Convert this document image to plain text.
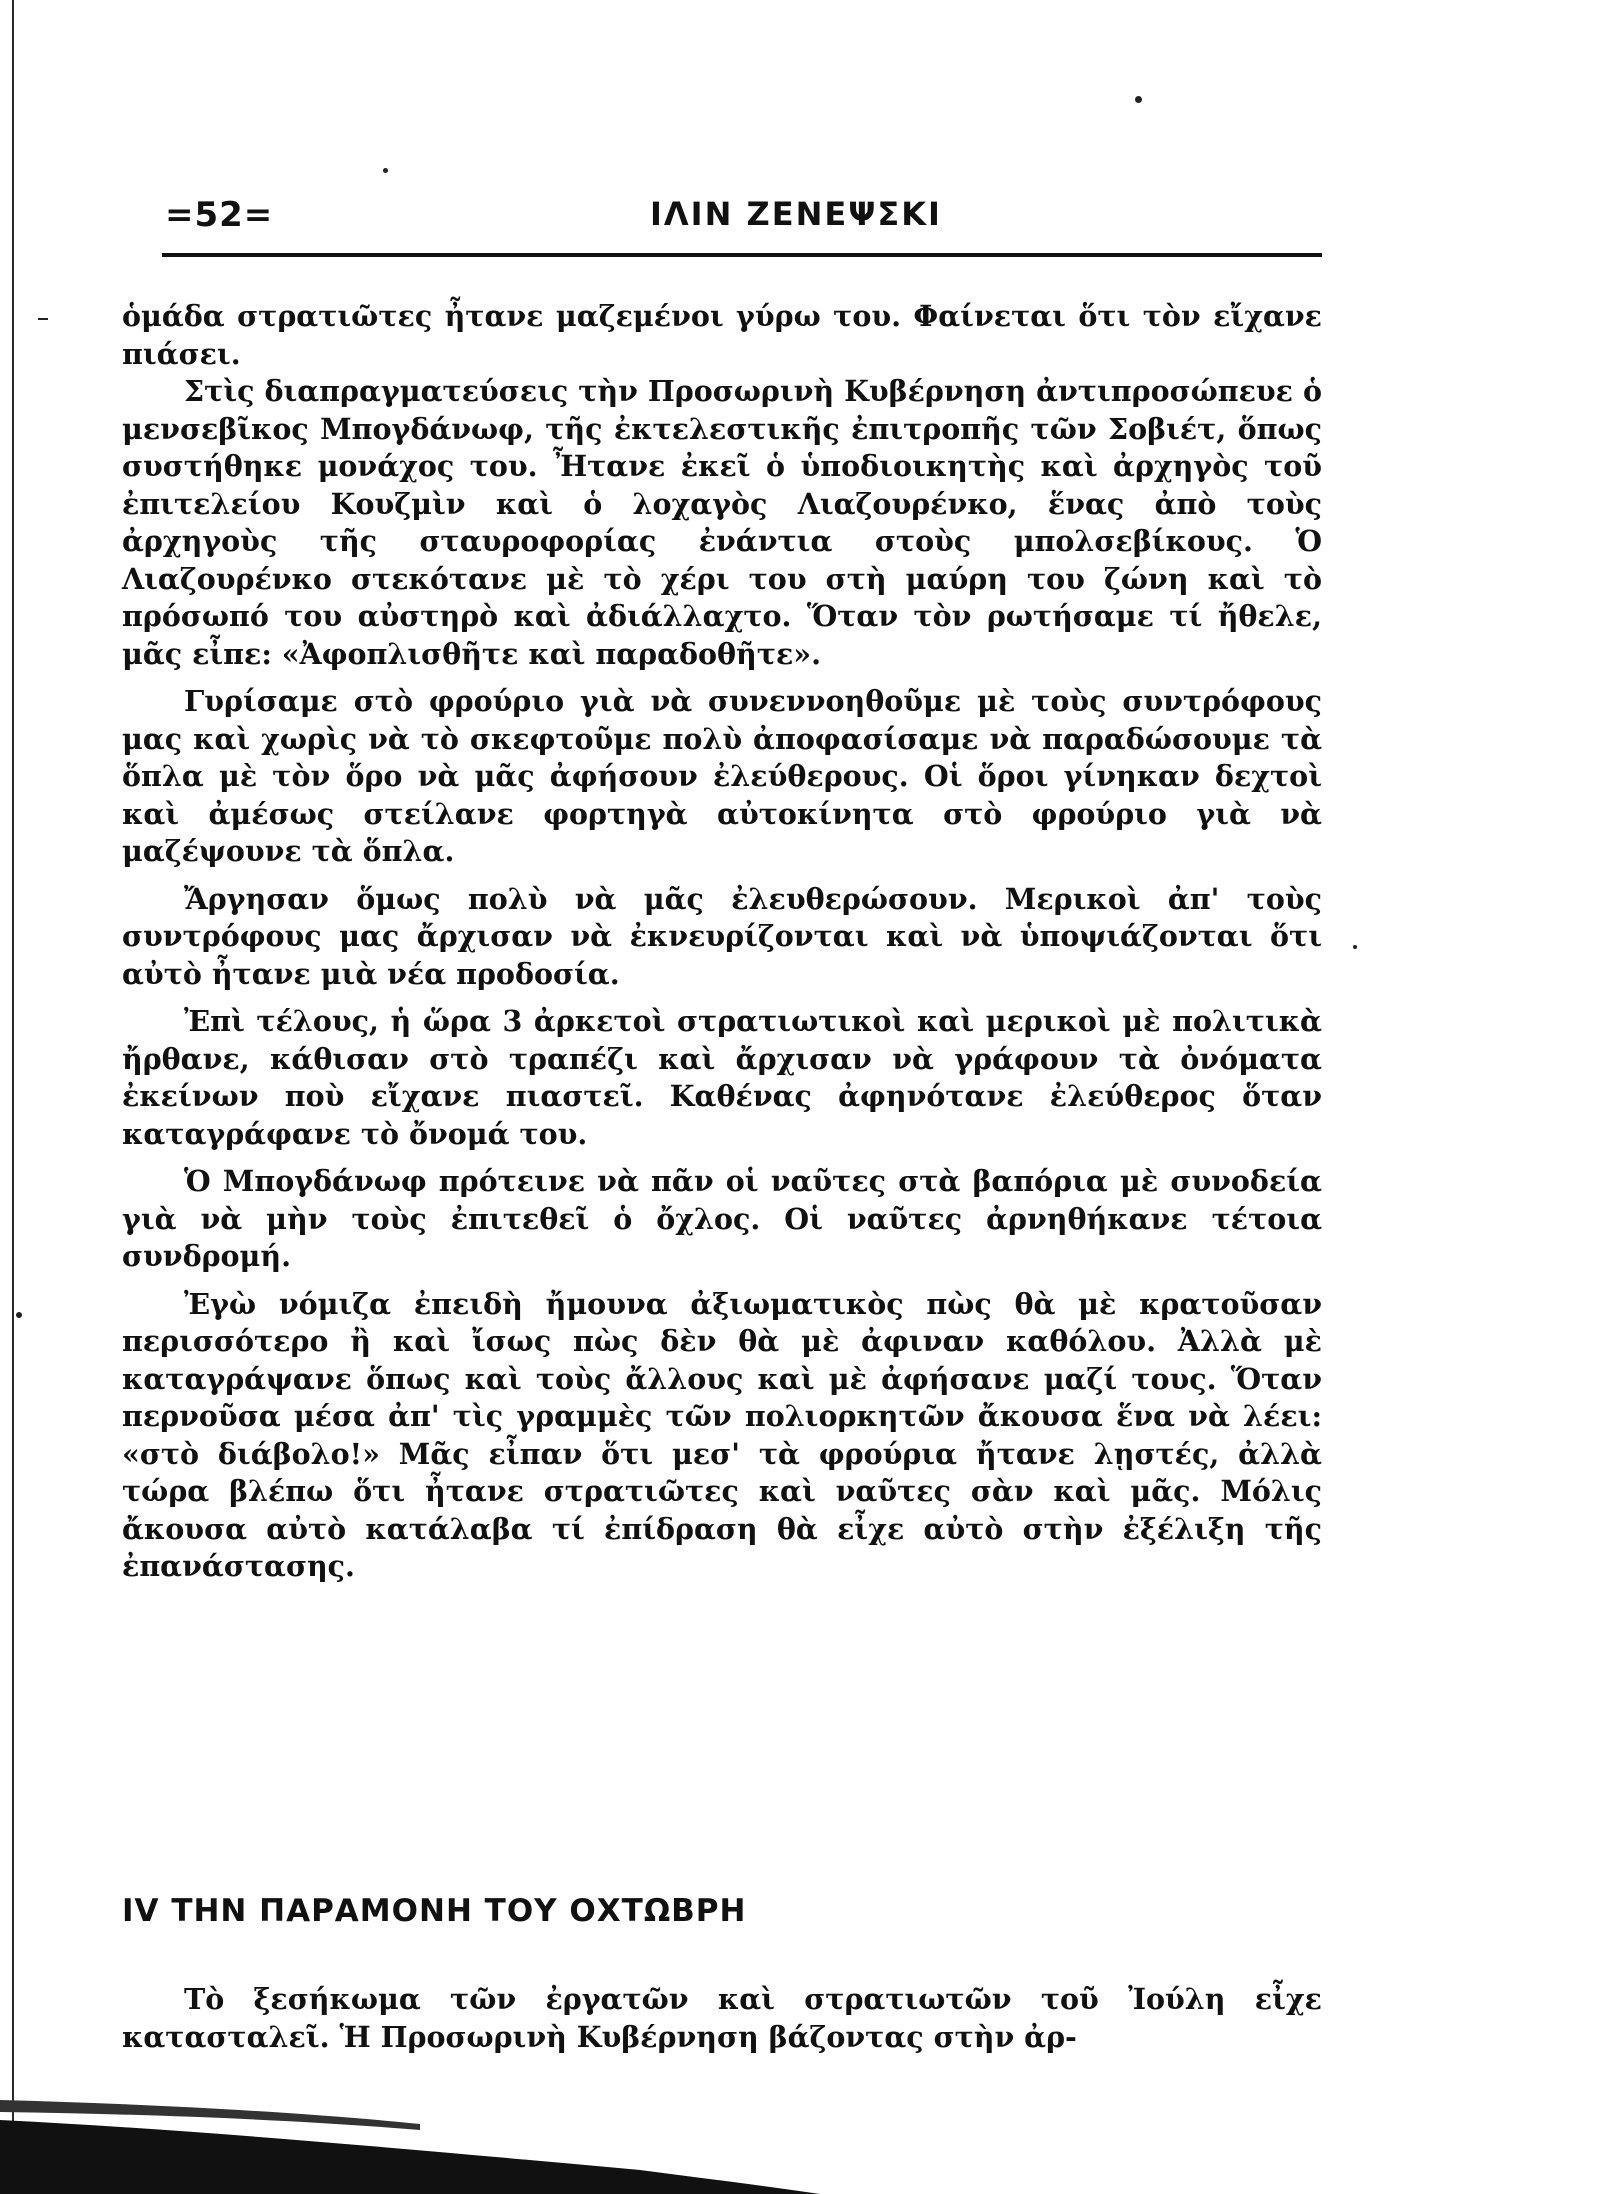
=52=	ΙΛΙΝ ΖΕΝΕΨΣΚΙ

ὁμάδα στρατιῶτες ἦτανε μαζεμένοι γύρω του. Φαίνεται ὅτι τὸν εἴχανε πιάσει.

Στὶς διαπραγματεύσεις τὴν Προσωρινὴ Κυβέρνηση ἀντιπροσώπευε ὁ μενσεβῖκος Μπογδάνωφ, τῆς ἐκτελεστικῆς ἐπιτροπῆς τῶν Σοβιέτ, ὅπως συστήθηκε μονάχος του. Ἦτανε ἐκεῖ ὁ ὑποδιοικητὴς καὶ ἀρχηγὸς τοῦ ἐπιτελείου Κουζμὶν καὶ ὁ λοχαγὸς Λιαζουρένκο, ἕνας ἀπὸ τοὺς ἀρχηγοὺς τῆς σταυροφορίας ἐνάντια στοὺς μπολσεβίκους. Ὁ Λιαζουρένκο στεκότανε μὲ τὸ χέρι του στὴ μαύρη του ζώνη καὶ τὸ πρόσωπό του αὐστηρὸ καὶ ἀδιάλλαχτο. Ὅταν τὸν ρωτήσαμε τί ἤθελε, μᾶς εἶπε: «Ἀφοπλισθῆτε καὶ παραδοθῆτε».

Γυρίσαμε στὸ φρούριο γιὰ νὰ συνεννοηθοῦμε μὲ τοὺς συντρόφους μας καὶ χωρὶς νὰ τὸ σκεφτοῦμε πολὺ ἀποφασίσαμε νὰ παραδώσουμε τὰ ὅπλα μὲ τὸν ὅρο νὰ μᾶς ἀφήσουν ἐλεύθερους. Οἱ ὅροι γίνηκαν δεχτοὶ καὶ ἀμέσως στείλανε φορτηγὰ αὐτοκίνητα στὸ φρούριο γιὰ νὰ μαζέψουνε τὰ ὅπλα.

Ἄργησαν ὅμως πολὺ νὰ μᾶς ἐλευθερώσουν. Μερικοὶ ἀπ' τοὺς συντρόφους μας ἄρχισαν νὰ ἐκνευρίζονται καὶ νὰ ὑποψιάζονται ὅτι αὐτὸ ἦτανε μιὰ νέα προδοσία.

Ἐπὶ τέλους, ἡ ὥρα 3 ἀρκετοὶ στρατιωτικοὶ καὶ μερικοὶ μὲ πολιτικὰ ἤρθανε, κάθισαν στὸ τραπέζι καὶ ἄρχισαν νὰ γράφουν τὰ ὀνόματα ἐκείνων ποὺ εἴχανε πιαστεῖ. Καθένας ἀφηνότανε ἐλεύθερος ὅταν καταγράφανε τὸ ὄνομά του.

Ὁ Μπογδάνωφ πρότεινε νὰ πᾶν οἱ ναῦτες στὰ βαπόρια μὲ συνοδεία γιὰ νὰ μὴν τοὺς ἐπιτεθεῖ ὁ ὄχλος. Οἱ ναῦτες ἀρνηθήκανε τέτοια συνδρομή.

Ἐγὼ νόμιζα ἐπειδὴ ἤμουνα ἀξιωματικὸς πὼς θὰ μὲ κρατοῦσαν περισσότερο ἢ καὶ ἴσως πὼς δὲν θὰ μὲ ἀφιναν καθόλου. Ἀλλὰ μὲ καταγράψανε ὅπως καὶ τοὺς ἄλλους καὶ μὲ ἀφήσανε μαζί τους. Ὅταν περνοῦσα μέσα ἀπ' τὶς γραμμὲς τῶν πολιορκητῶν ἄκουσα ἕνα νὰ λέει: «στὸ διάβολο!» Μᾶς εἶπαν ὅτι μεσ' τὰ φρούρια ἤτανε λῃστές, ἀλλὰ τώρα βλέπω ὅτι ἦτανε στρατιῶτες καὶ ναῦτες σὰν καὶ μᾶς. Μόλις ἄκουσα αὐτὸ κατάλαβα τί ἐπίδραση θὰ εἶχε αὐτὸ στὴν ἐξέλιξη τῆς ἐπανάστασης.

ΙV ΤΗΝ ΠΑΡΑΜΟΝΗ ΤΟΥ ΟΧΤΩΒΡΗ

Τὸ ξεσήκωμα τῶν ἐργατῶν καὶ στρατιωτῶν τοῦ Ἰούλη εἶχε κατασταλεῖ. Ἡ Προσωρινὴ Κυβέρνηση βάζοντας στὴν ἀρ-
